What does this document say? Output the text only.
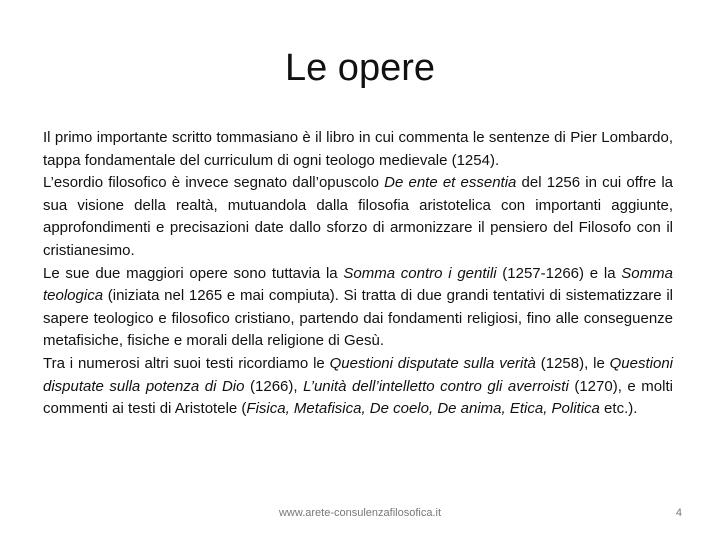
Le opere

Il primo importante scritto tommasiano è il libro in cui commenta le sentenze di Pier Lombardo, tappa fondamentale del curriculum di ogni teologo medievale (1254).

L’esordio filosofico è invece segnato dall’opuscolo De ente et essentia del 1256 in cui offre la sua visione della realtà, mutuandola dalla filosofia aristotelica con importanti aggiunte, approfondimenti e precisazioni date dallo sforzo di armonizzare il pensiero del Filosofo con il cristianesimo.

Le sue due maggiori opere sono tuttavia la Somma contro i gentili (1257-1266) e la Somma teologica (iniziata nel 1265 e mai compiuta). Si tratta di due grandi tentativi di sistematizzare il sapere teologico e filosofico cristiano, partendo dai fondamenti religiosi, fino alle conseguenze metafisiche, fisiche e morali della religione di Gesù.

Tra i numerosi altri suoi testi ricordiamo le Questioni disputate sulla verità (1258), le Questioni disputate sulla potenza di Dio (1266), L’unità dell’intelletto contro gli averroisti (1270), e molti commenti ai testi di Aristotele (Fisica, Metafisica, De coelo, De anima, Etica, Politica etc.).

www.arete-consulenzafilosofica.it	4
